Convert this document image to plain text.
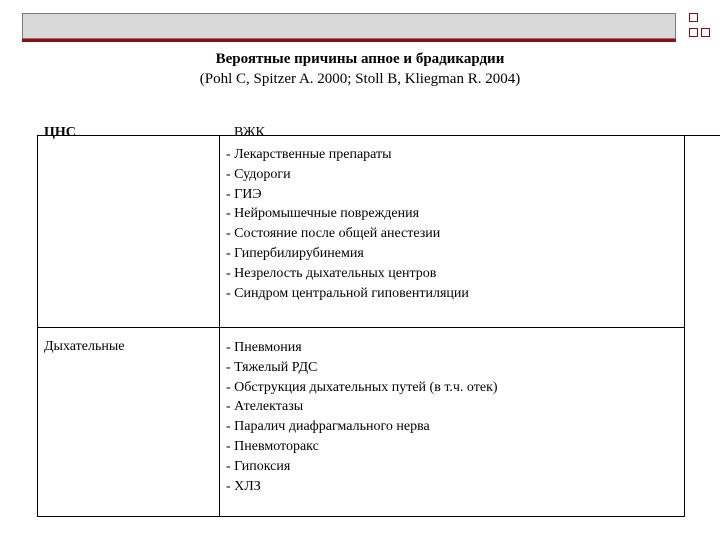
Вероятные причины апное и брадикардии
(Pohl C, Spitzer A. 2000; Stoll B, Kliegman R. 2004)
ЦНС	ВЖК
- Лекарственные препараты
- Судороги
- ГИЭ
- Нейромышечные повреждения
- Состояние после общей анестезии
- Гипербилирубинемия
- Незрелость дыхательных центров
- Синдром центральной гиповентиляции
Дыхательные	- Пневмония
- Тяжелый РДС
- Обструкция дыхательных путей (в т.ч. отек)
- Ателектазы
- Паралич диафрагмального нерва
- Пневмоторакс
- Гипоксия
- ХЛЗ
